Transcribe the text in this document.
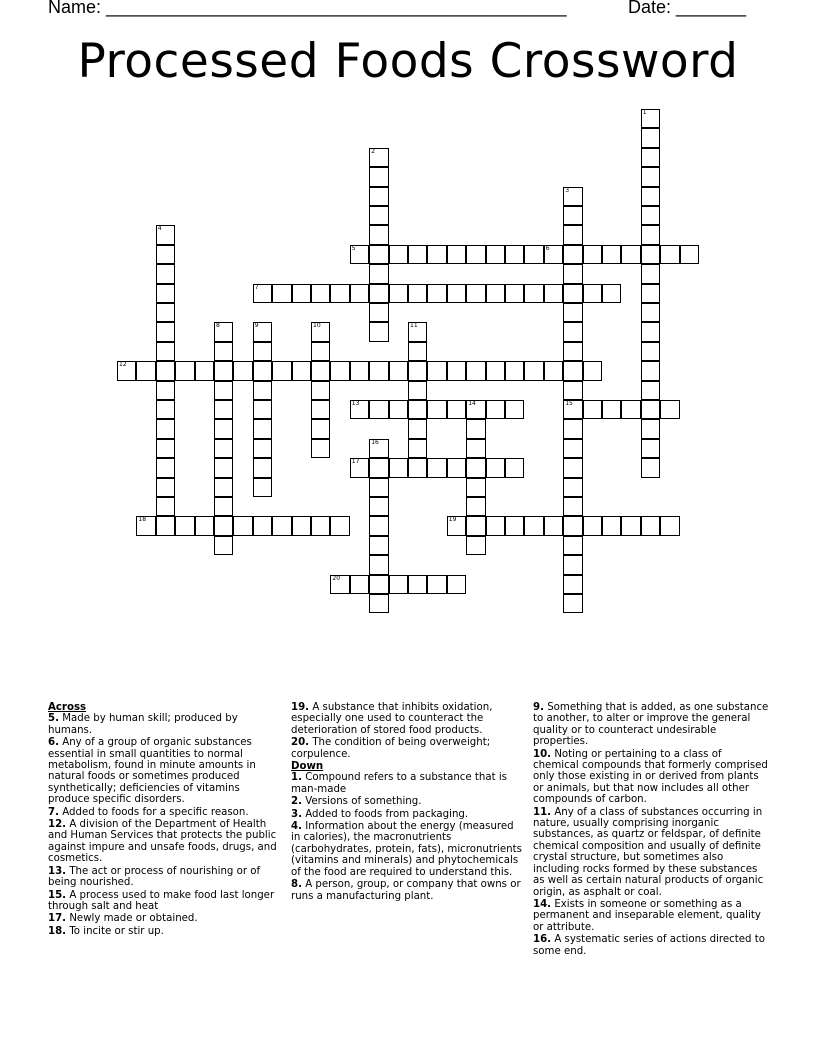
Name: ______________________________________________	Date: _______
Processed Foods Crossword
1
2
3
15
4
5	6
7
8	9	10	11
12
13	14
16
17
18	19
20
Across
5. Made by human skill; produced by humans.
6. Any of a group of organic substances essential in small quantities to normal metabolism, found in minute amounts in natural foods or sometimes produced synthetically; deficiencies of vitamins produce specific disorders.
7. Added to foods for a specific reason.
12. A division of the Department of Health and Human Services that protects the public against impure and unsafe foods, drugs, and cosmetics.
13. The act or process of nourishing or of being nourished.
15. A process used to make food last longer through salt and heat
17. Newly made or obtained.
18. To incite or stir up.
19. A substance that inhibits oxidation, especially one used to counteract the deterioration of stored food products.
20. The condition of being overweight; corpulence.
Down
1. Compound refers to a substance that is man-made
2. Versions of something.
3. Added to foods from packaging.
4. Information about the energy (measured in calories), the macronutrients (carbohydrates, protein, fats), micronutrients (vitamins and minerals) and phytochemicals of the food are required to understand this.
8. A person, group, or company that owns or runs a manufacturing plant.
9. Something that is added, as one substance to another, to alter or improve the general quality or to counteract undesirable properties.
10. Noting or pertaining to a class of chemical compounds that formerly comprised only those existing in or derived from plants or animals, but that now includes all other compounds of carbon.
11. Any of a class of substances occurring in nature, usually comprising inorganic substances, as quartz or feldspar, of definite chemical composition and usually of definite crystal structure, but sometimes also including rocks formed by these substances as well as certain natural products of organic origin, as asphalt or coal.
14. Exists in someone or something as a permanent and inseparable element, quality or attribute.
16. A systematic series of actions directed to some end.
